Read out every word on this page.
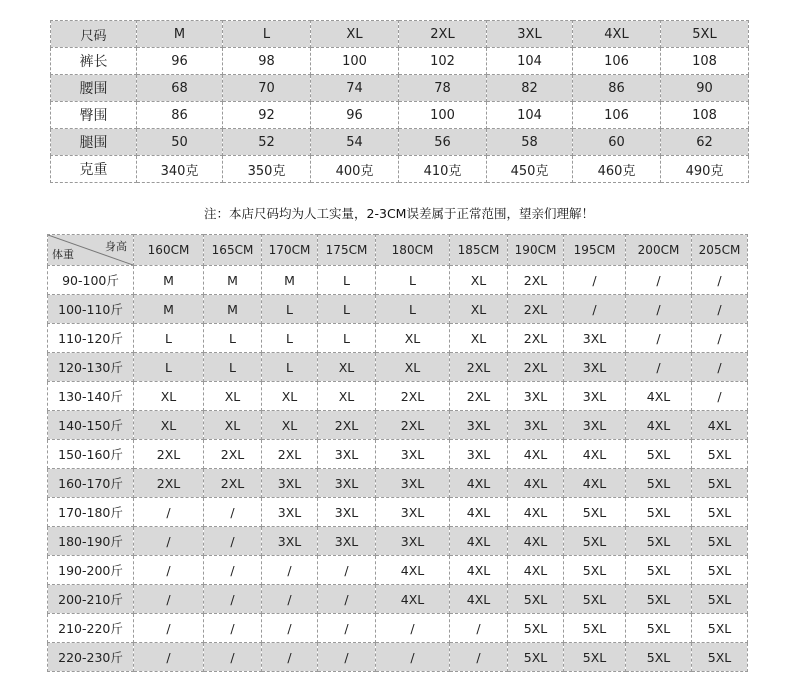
尺码	M	L	XL	2XL	3XL	4XL	5XL
裤长	96	98	100	102	104	106	108
腰围	68	70	74	78	82	86	90
臀围	86	92	96	100	104	106	108
腿围	50	52	54	56	58	60	62
克重	340克	350克	400克	410克	450克	460克	490克
注：本店尺码均为人工实量，2-3CM误差属于正常范围，望亲们理解！
身高
体重	160CM	165CM	170CM	175CM	180CM	185CM	190CM	195CM	200CM	205CM
90-100斤	M	M	M	L	L	XL	2XL	/	/	/
100-110斤	M	M	L	L	L	XL	2XL	/	/	/
110-120斤	L	L	L	L	XL	XL	2XL	3XL	/	/
120-130斤	L	L	L	XL	XL	2XL	2XL	3XL	/	/
130-140斤	XL	XL	XL	XL	2XL	2XL	3XL	3XL	4XL	/
140-150斤	XL	XL	XL	2XL	2XL	3XL	3XL	3XL	4XL	4XL
150-160斤	2XL	2XL	2XL	3XL	3XL	3XL	4XL	4XL	5XL	5XL
160-170斤	2XL	2XL	3XL	3XL	3XL	4XL	4XL	4XL	5XL	5XL
170-180斤	/	/	3XL	3XL	3XL	4XL	4XL	5XL	5XL	5XL
180-190斤	/	/	3XL	3XL	3XL	4XL	4XL	5XL	5XL	5XL
190-200斤	/	/	/	/	4XL	4XL	4XL	5XL	5XL	5XL
200-210斤	/	/	/	/	4XL	4XL	5XL	5XL	5XL	5XL
210-220斤	/	/	/	/	/	/	5XL	5XL	5XL	5XL
220-230斤	/	/	/	/	/	/	5XL	5XL	5XL	5XL
